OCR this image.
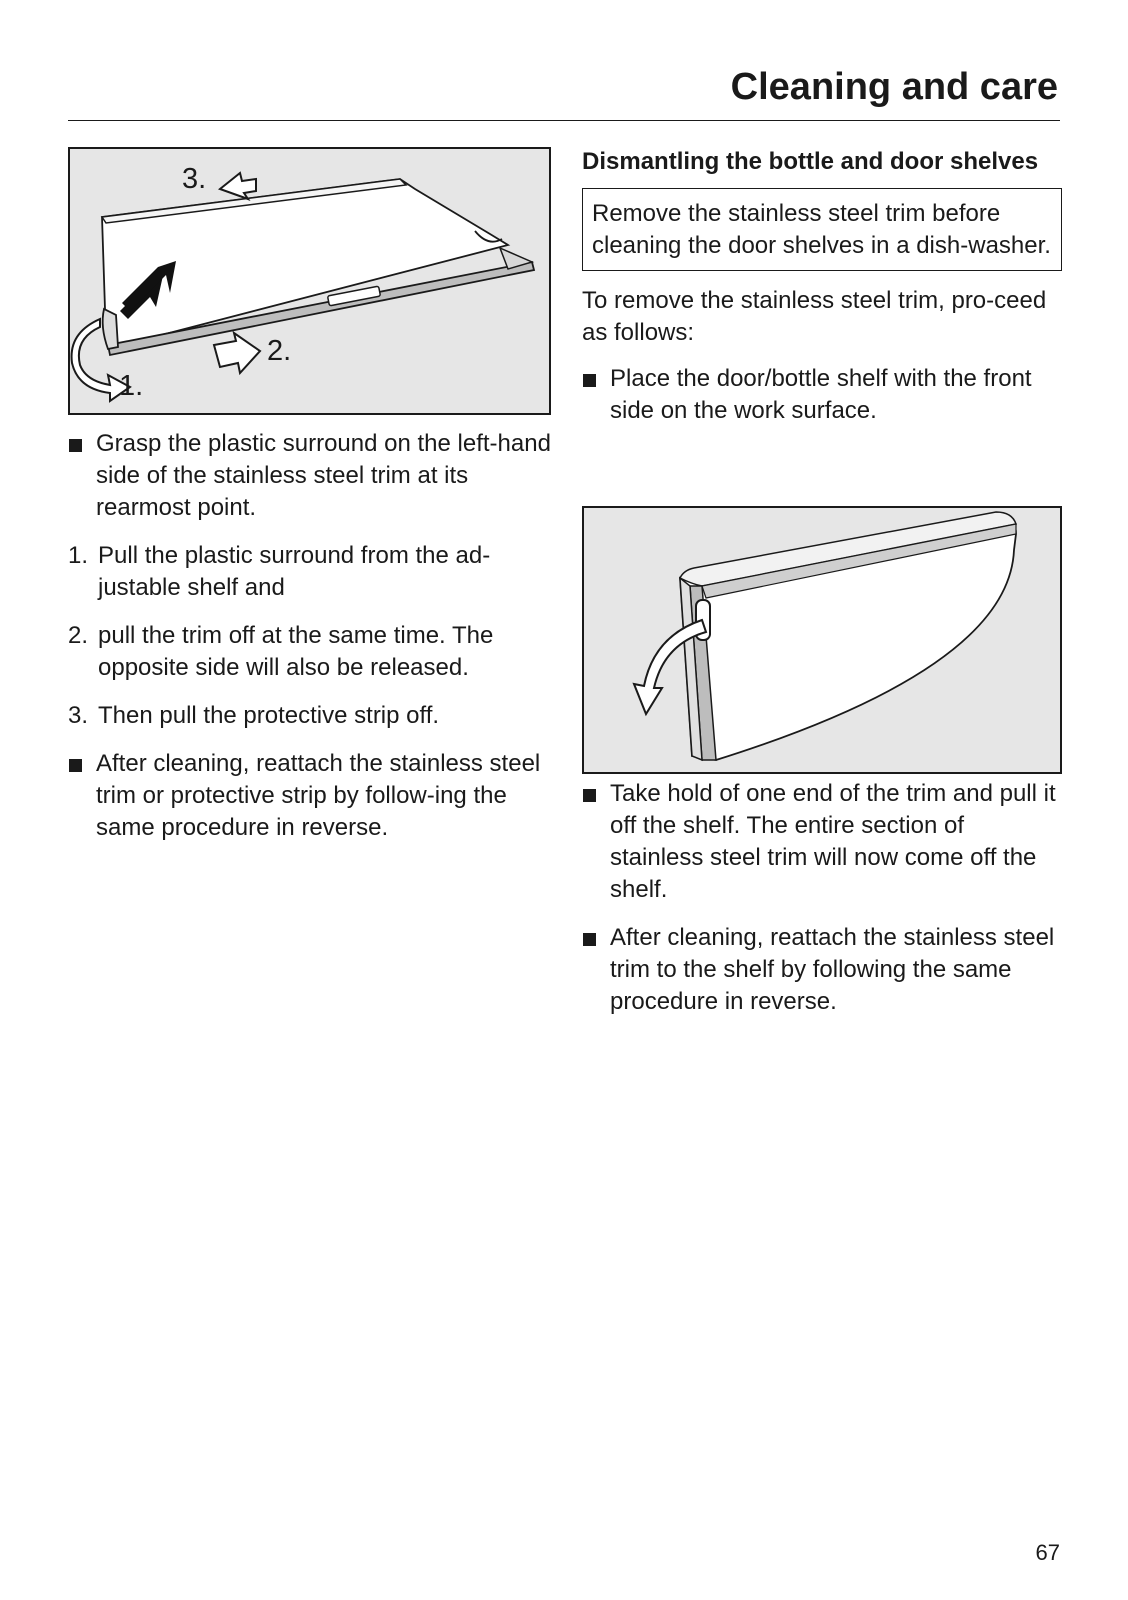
Cleaning and care
3.
2.
1.
Grasp the plastic surround on the left-hand side of the stainless steel trim at its rearmost point.
1. Pull the plastic surround from the ad-justable shelf and
2. pull the trim off at the same time. The opposite side will also be released.
3. Then pull the protective strip off.
After cleaning, reattach the stainless steel trim or protective strip by follow-ing the same procedure in reverse.
Dismantling the bottle and door shelves
Remove the stainless steel trim before cleaning the door shelves in a dish-washer.
To remove the stainless steel trim, pro-ceed as follows:
Place the door/bottle shelf with the front side on the work surface.
Take hold of one end of the trim and pull it off the shelf. The entire section of stainless steel trim will now come off the shelf.
After cleaning, reattach the stainless steel trim to the shelf by following the same procedure in reverse.
67
